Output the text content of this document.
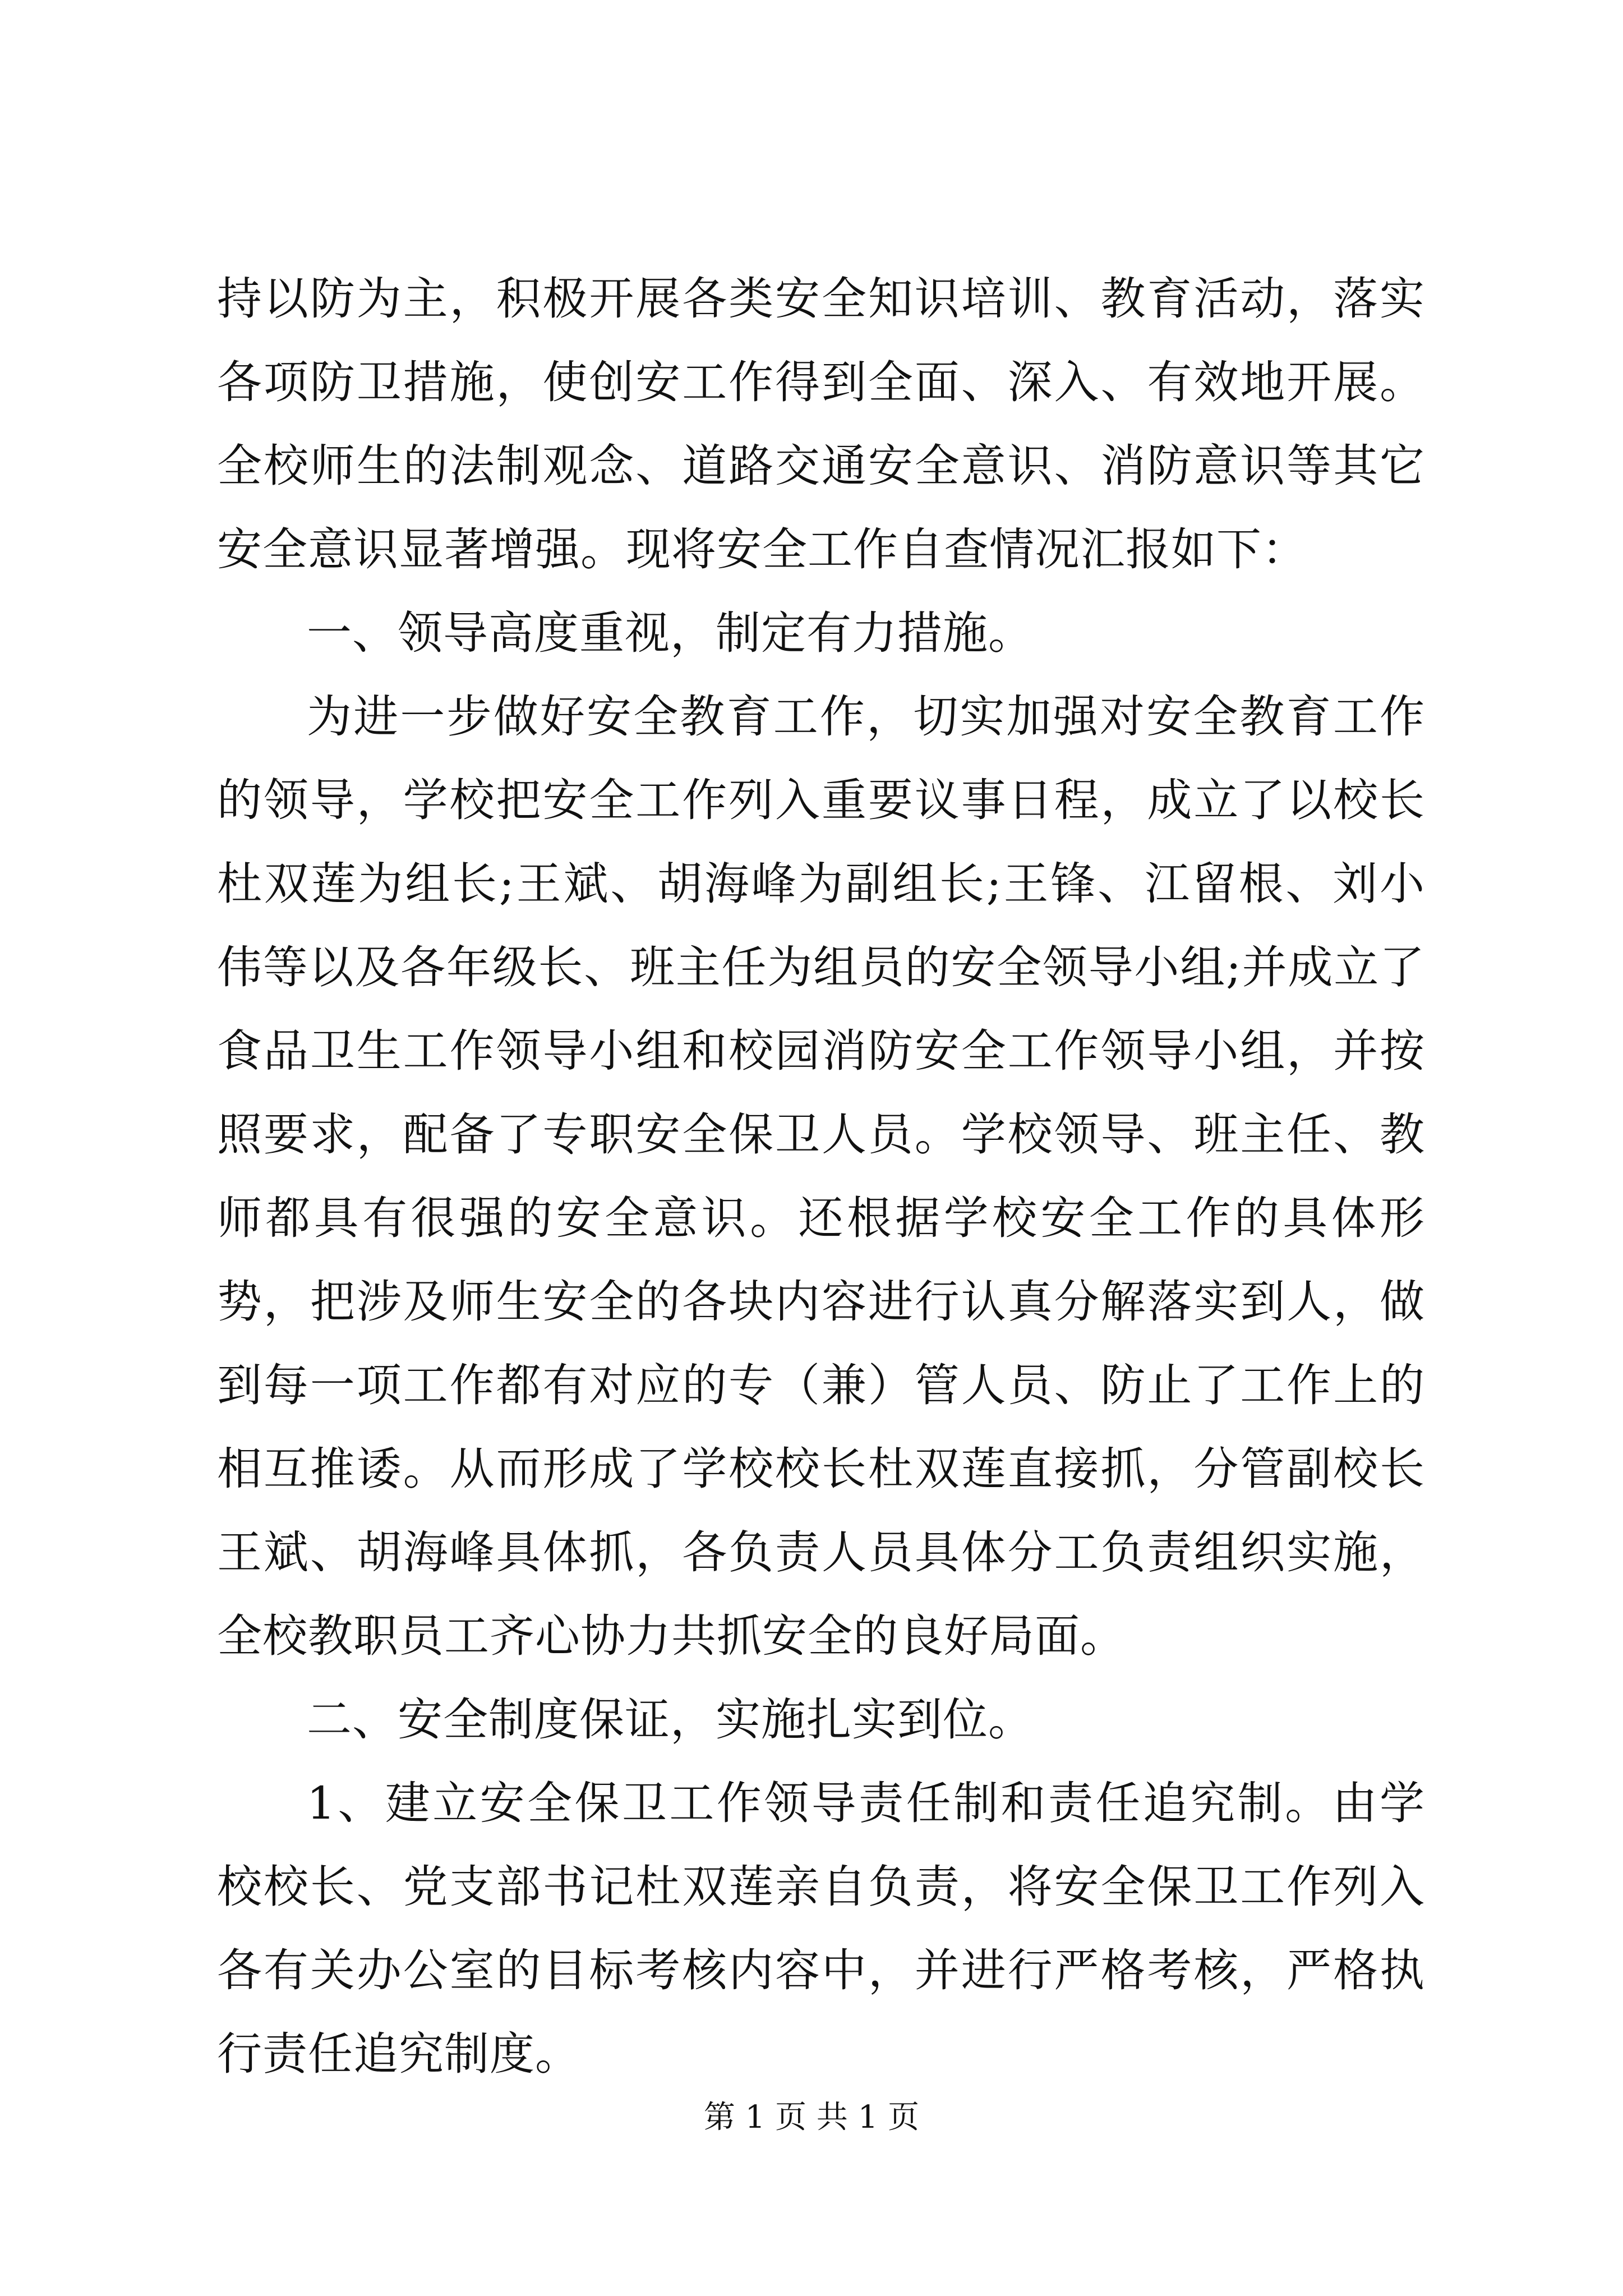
持以防为主，积极开展各类安全知识培训、教育活动，落实各项防卫措施，使创安工作得到全面、深入、有效地开展。全校师生的法制观念、道路交通安全意识、消防意识等其它安全意识显著增强。现将安全工作自查情况汇报如下：

一、领导高度重视，制定有力措施。

为进一步做好安全教育工作，切实加强对安全教育工作的领导，学校把安全工作列入重要议事日程，成立了以校长杜双莲为组长;王斌、胡海峰为副组长;王锋、江留根、刘小伟等以及各年级长、班主任为组员的安全领导小组;并成立了食品卫生工作领导小组和校园消防安全工作领导小组，并按照要求，配备了专职安全保卫人员。学校领导、班主任、教师都具有很强的安全意识。还根据学校安全工作的具体形势，把涉及师生安全的各块内容进行认真分解落实到人，做到每一项工作都有对应的专（兼）管人员、防止了工作上的相互推诿。从而形成了学校校长杜双莲直接抓，分管副校长王斌、胡海峰具体抓，各负责人员具体分工负责组织实施，全校教职员工齐心协力共抓安全的良好局面。

二、安全制度保证，实施扎实到位。

1、建立安全保卫工作领导责任制和责任追究制。由学校校长、党支部书记杜双莲亲自负责，将安全保卫工作列入各有关办公室的目标考核内容中，并进行严格考核，严格执行责任追究制度。

第 1 页 共 1 页
